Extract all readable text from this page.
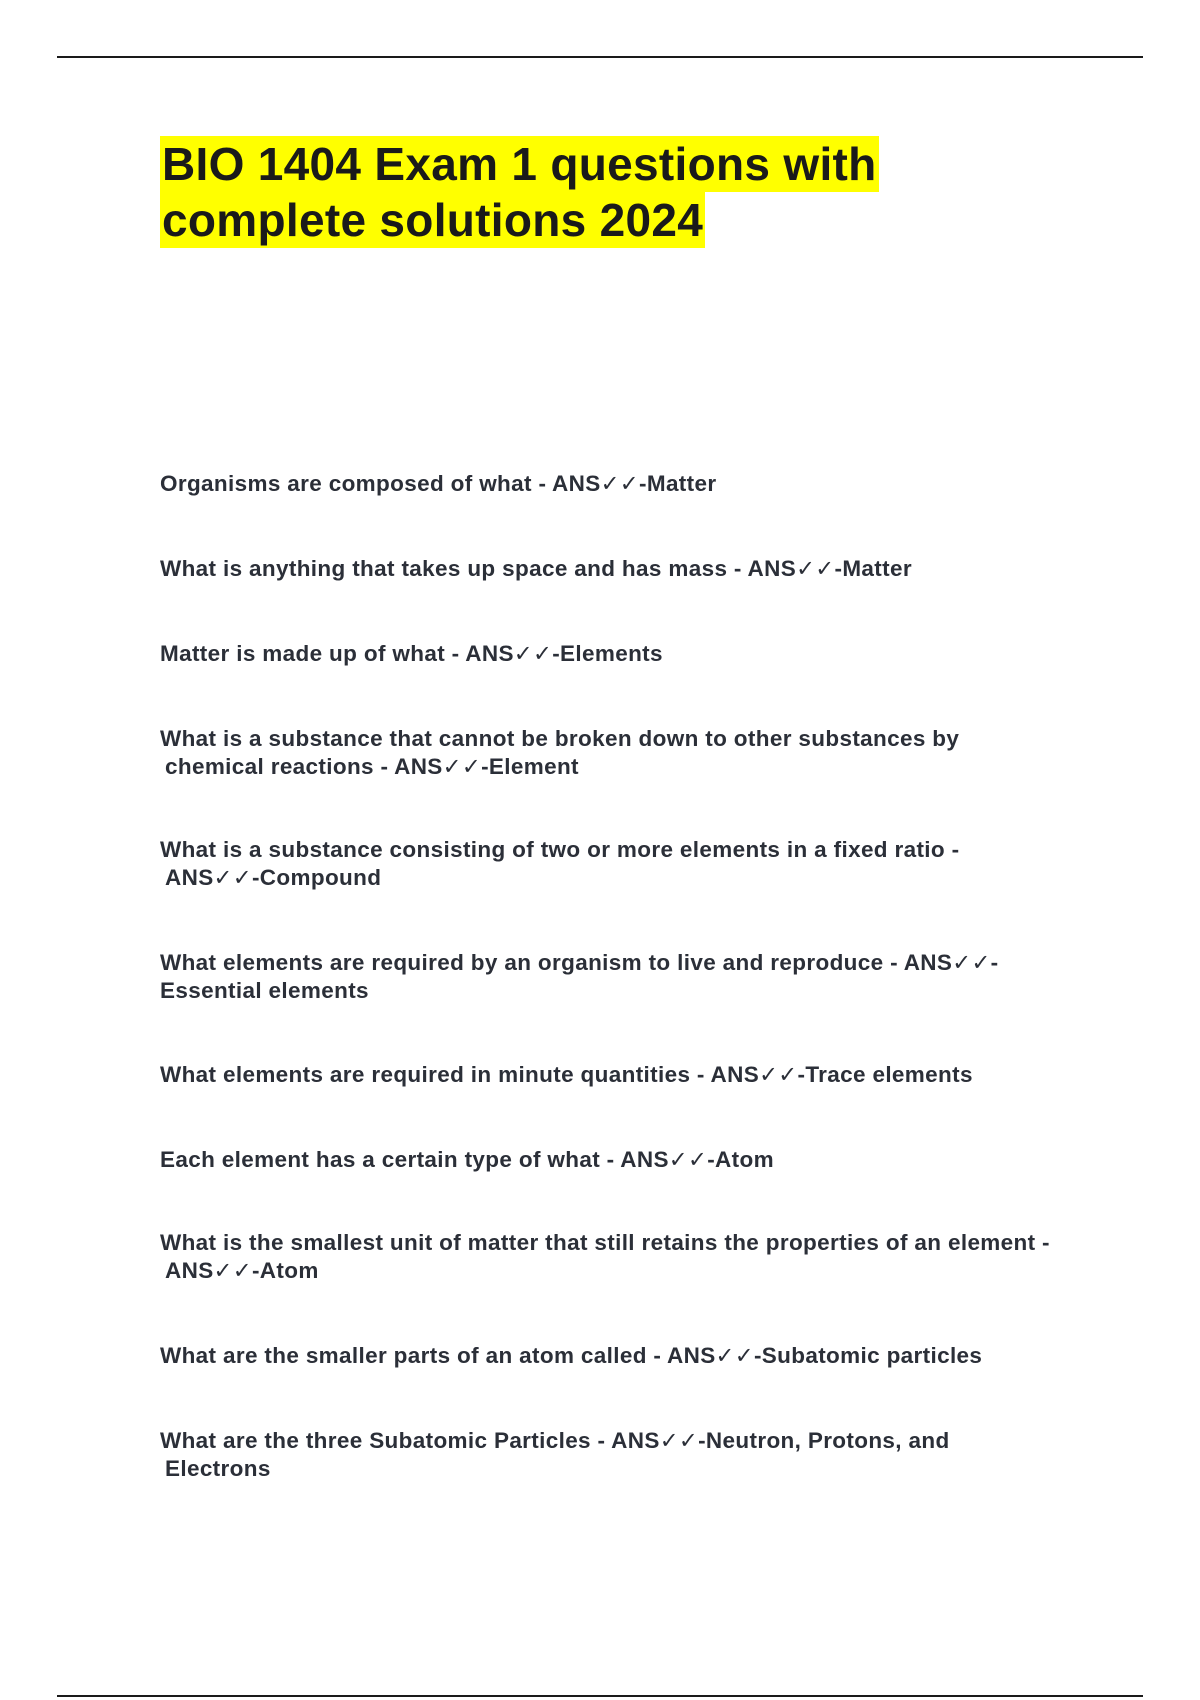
BIO 1404 Exam 1 questions with
complete solutions 2024

Organisms are composed of what - ANS✓✓-Matter

What is anything that takes up space and has mass - ANS✓✓-Matter

Matter is made up of what - ANS✓✓-Elements

What is a substance that cannot be broken down to other substances by
chemical reactions - ANS✓✓-Element

What is a substance consisting of two or more elements in a fixed ratio -
ANS✓✓-Compound

What elements are required by an organism to live and reproduce - ANS✓✓-
Essential elements

What elements are required in minute quantities - ANS✓✓-Trace elements

Each element has a certain type of what - ANS✓✓-Atom

What is the smallest unit of matter that still retains the properties of an element -
ANS✓✓-Atom

What are the smaller parts of an atom called - ANS✓✓-Subatomic particles

What are the three Subatomic Particles - ANS✓✓-Neutron, Protons, and
Electrons
